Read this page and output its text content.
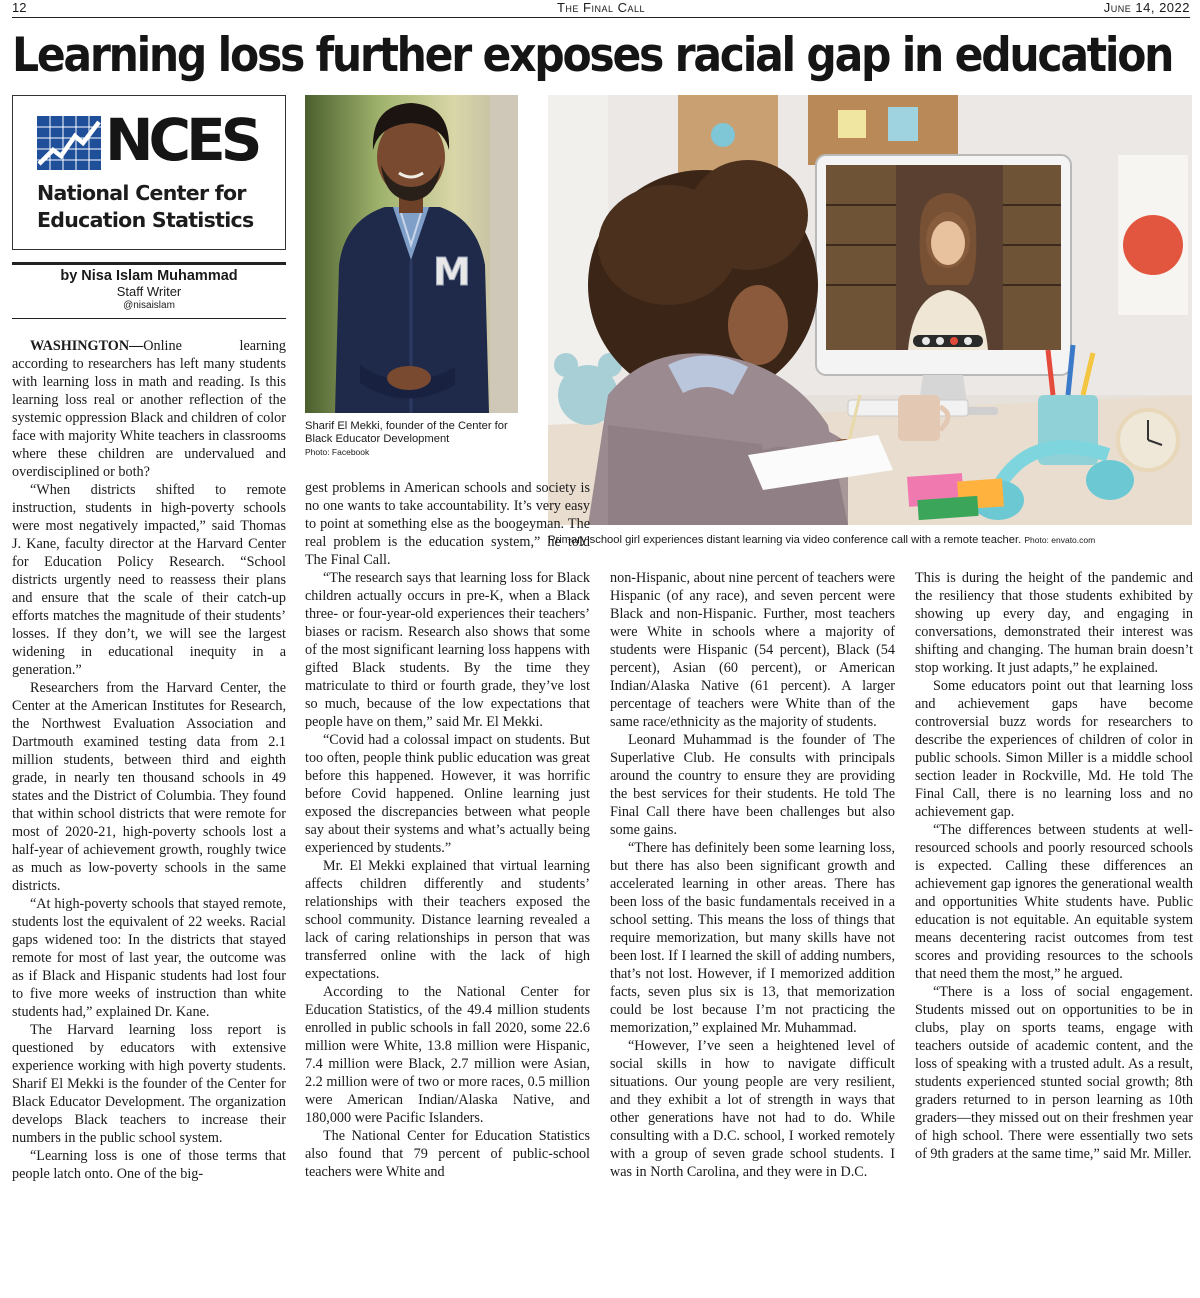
12	The Final Call	June 14, 2022
Learning loss further exposes racial gap in education
NCES
National Center for
Education Statistics
by Nisa Islam Muhammad
Staff Writer
@nisaislam
M
Sharif El Mekki, founder of the Center for Black Educator Development
Photo: Facebook
Primary school girl experiences distant learning via video conference call with a remote teacher. Photo: envato.com

WASHINGTON—Online learning according to researchers has left many students with learning loss in math and reading. Is this learning loss real or another reflection of the systemic oppression Black and children of color face with majority White teachers in classrooms where these children are undervalued and overdisciplined or both?

“When districts shifted to remote instruction, students in high-poverty schools were most negatively impacted,” said Thomas J. Kane, faculty director at the Harvard Center for Education Policy Research. “School districts urgently need to reassess their plans and ensure that the scale of their catch-up efforts matches the magnitude of their students’ losses. If they don’t, we will see the largest widening in educational inequity in a generation.”

Researchers from the Harvard Center, the Center at the American Institutes for Research, the Northwest Evaluation Association and Dartmouth examined testing data from 2.1 million students, between third and eighth grade, in nearly ten thousand schools in 49 states and the District of Columbia. They found that within school districts that were remote for most of 2020-21, high-poverty schools lost a half-year of achievement growth, roughly twice as much as low-poverty schools in the same districts.

“At high-poverty schools that stayed remote, students lost the equivalent of 22 weeks. Racial gaps widened too: In the districts that stayed remote for most of last year, the outcome was as if Black and Hispanic students had lost four to five more weeks of instruction than white students had,” explained Dr. Kane.

The Harvard learning loss report is questioned by educators with extensive experience working with high poverty students. Sharif El Mekki is the founder of the Center for Black Educator Development. The organization develops Black teachers to increase their numbers in the public school system.

“Learning loss is one of those terms that people latch onto. One of the big-

gest problems in American schools and society is no one wants to take accountability. It’s very easy to point at something else as the boogeyman. The real problem is the education system,” he told The Final Call.

“The research says that learning loss for Black children actually occurs in pre-K, when a Black three- or four-year-old experiences their teachers’ biases or racism. Research also shows that some of the most significant learning loss happens with gifted Black students. By the time they matriculate to third or fourth grade, they’ve lost so much, because of the low expectations that people have on them,” said Mr. El Mekki.

“Covid had a colossal impact on students. But too often, people think public education was great before this happened. However, it was horrific before Covid happened. Online learning just exposed the discrepancies between what people say about their systems and what’s actually being experienced by students.”

Mr. El Mekki explained that virtual learning affects children differently and students’ relationships with their teachers exposed the school community. Distance learning revealed a lack of caring relationships in person that was transferred online with the lack of high expectations.

According to the National Center for Education Statistics, of the 49.4 million students enrolled in public schools in fall 2020, some 22.6 million were White, 13.8 million were Hispanic, 7.4 million were Black, 2.7 million were Asian, 2.2 million were of two or more races, 0.5 million were American Indian/Alaska Native, and 180,000 were Pacific Islanders.

The National Center for Education Statistics also found that 79 percent of public-school teachers were White and

non-Hispanic, about nine percent of teachers were Hispanic (of any race), and seven percent were Black and non-Hispanic. Further, most teachers were White in schools where a majority of students were Hispanic (54 percent), Black (54 percent), Asian (60 percent), or American Indian/Alaska Native (61 percent). A larger percentage of teachers were White than of the same race/ethnicity as the majority of students.

Leonard Muhammad is the founder of The Superlative Club. He consults with principals around the country to ensure they are providing the best services for their students. He told The Final Call there have been challenges but also some gains.

“There has definitely been some learning loss, but there has also been significant growth and accelerated learning in other areas. There has been loss of the basic fundamentals received in a school setting. This means the loss of things that require memorization, but many skills have not been lost. If I learned the skill of adding numbers, that’s not lost. However, if I memorized addition facts, seven plus six is 13, that memorization could be lost because I’m not practicing the memorization,” explained Mr. Muhammad.

“However, I’ve seen a heightened level of social skills in how to navigate difficult situations. Our young people are very resilient, and they exhibit a lot of strength in ways that other generations have not had to do. While consulting with a D.C. school, I worked remotely with a group of seven grade school students. I was in North Carolina, and they were in D.C.

This is during the height of the pandemic and the resiliency that those students exhibited by showing up every day, and engaging in conversations, demonstrated their interest was shifting and changing. The human brain doesn’t stop working. It just adapts,” he explained.

Some educators point out that learning loss and achievement gaps have become controversial buzz words for researchers to describe the experiences of children of color in public schools. Simon Miller is a middle school section leader in Rockville, Md. He told The Final Call, there is no learning loss and no achievement gap.

“The differences between students at well-resourced schools and poorly resourced schools is expected. Calling these differences an achievement gap ignores the generational wealth and opportunities White students have. Public education is not equitable. An equitable system means decentering racist outcomes from test scores and providing resources to the schools that need them the most,” he argued.

“There is a loss of social engagement. Students missed out on opportunities to be in clubs, play on sports teams, engage with teachers outside of academic content, and the loss of speaking with a trusted adult. As a result, students experienced stunted social growth; 8th graders returned to in person learning as 10th graders—they missed out on their freshmen year of high school. There were essentially two sets of 9th graders at the same time,” said Mr. Miller.
